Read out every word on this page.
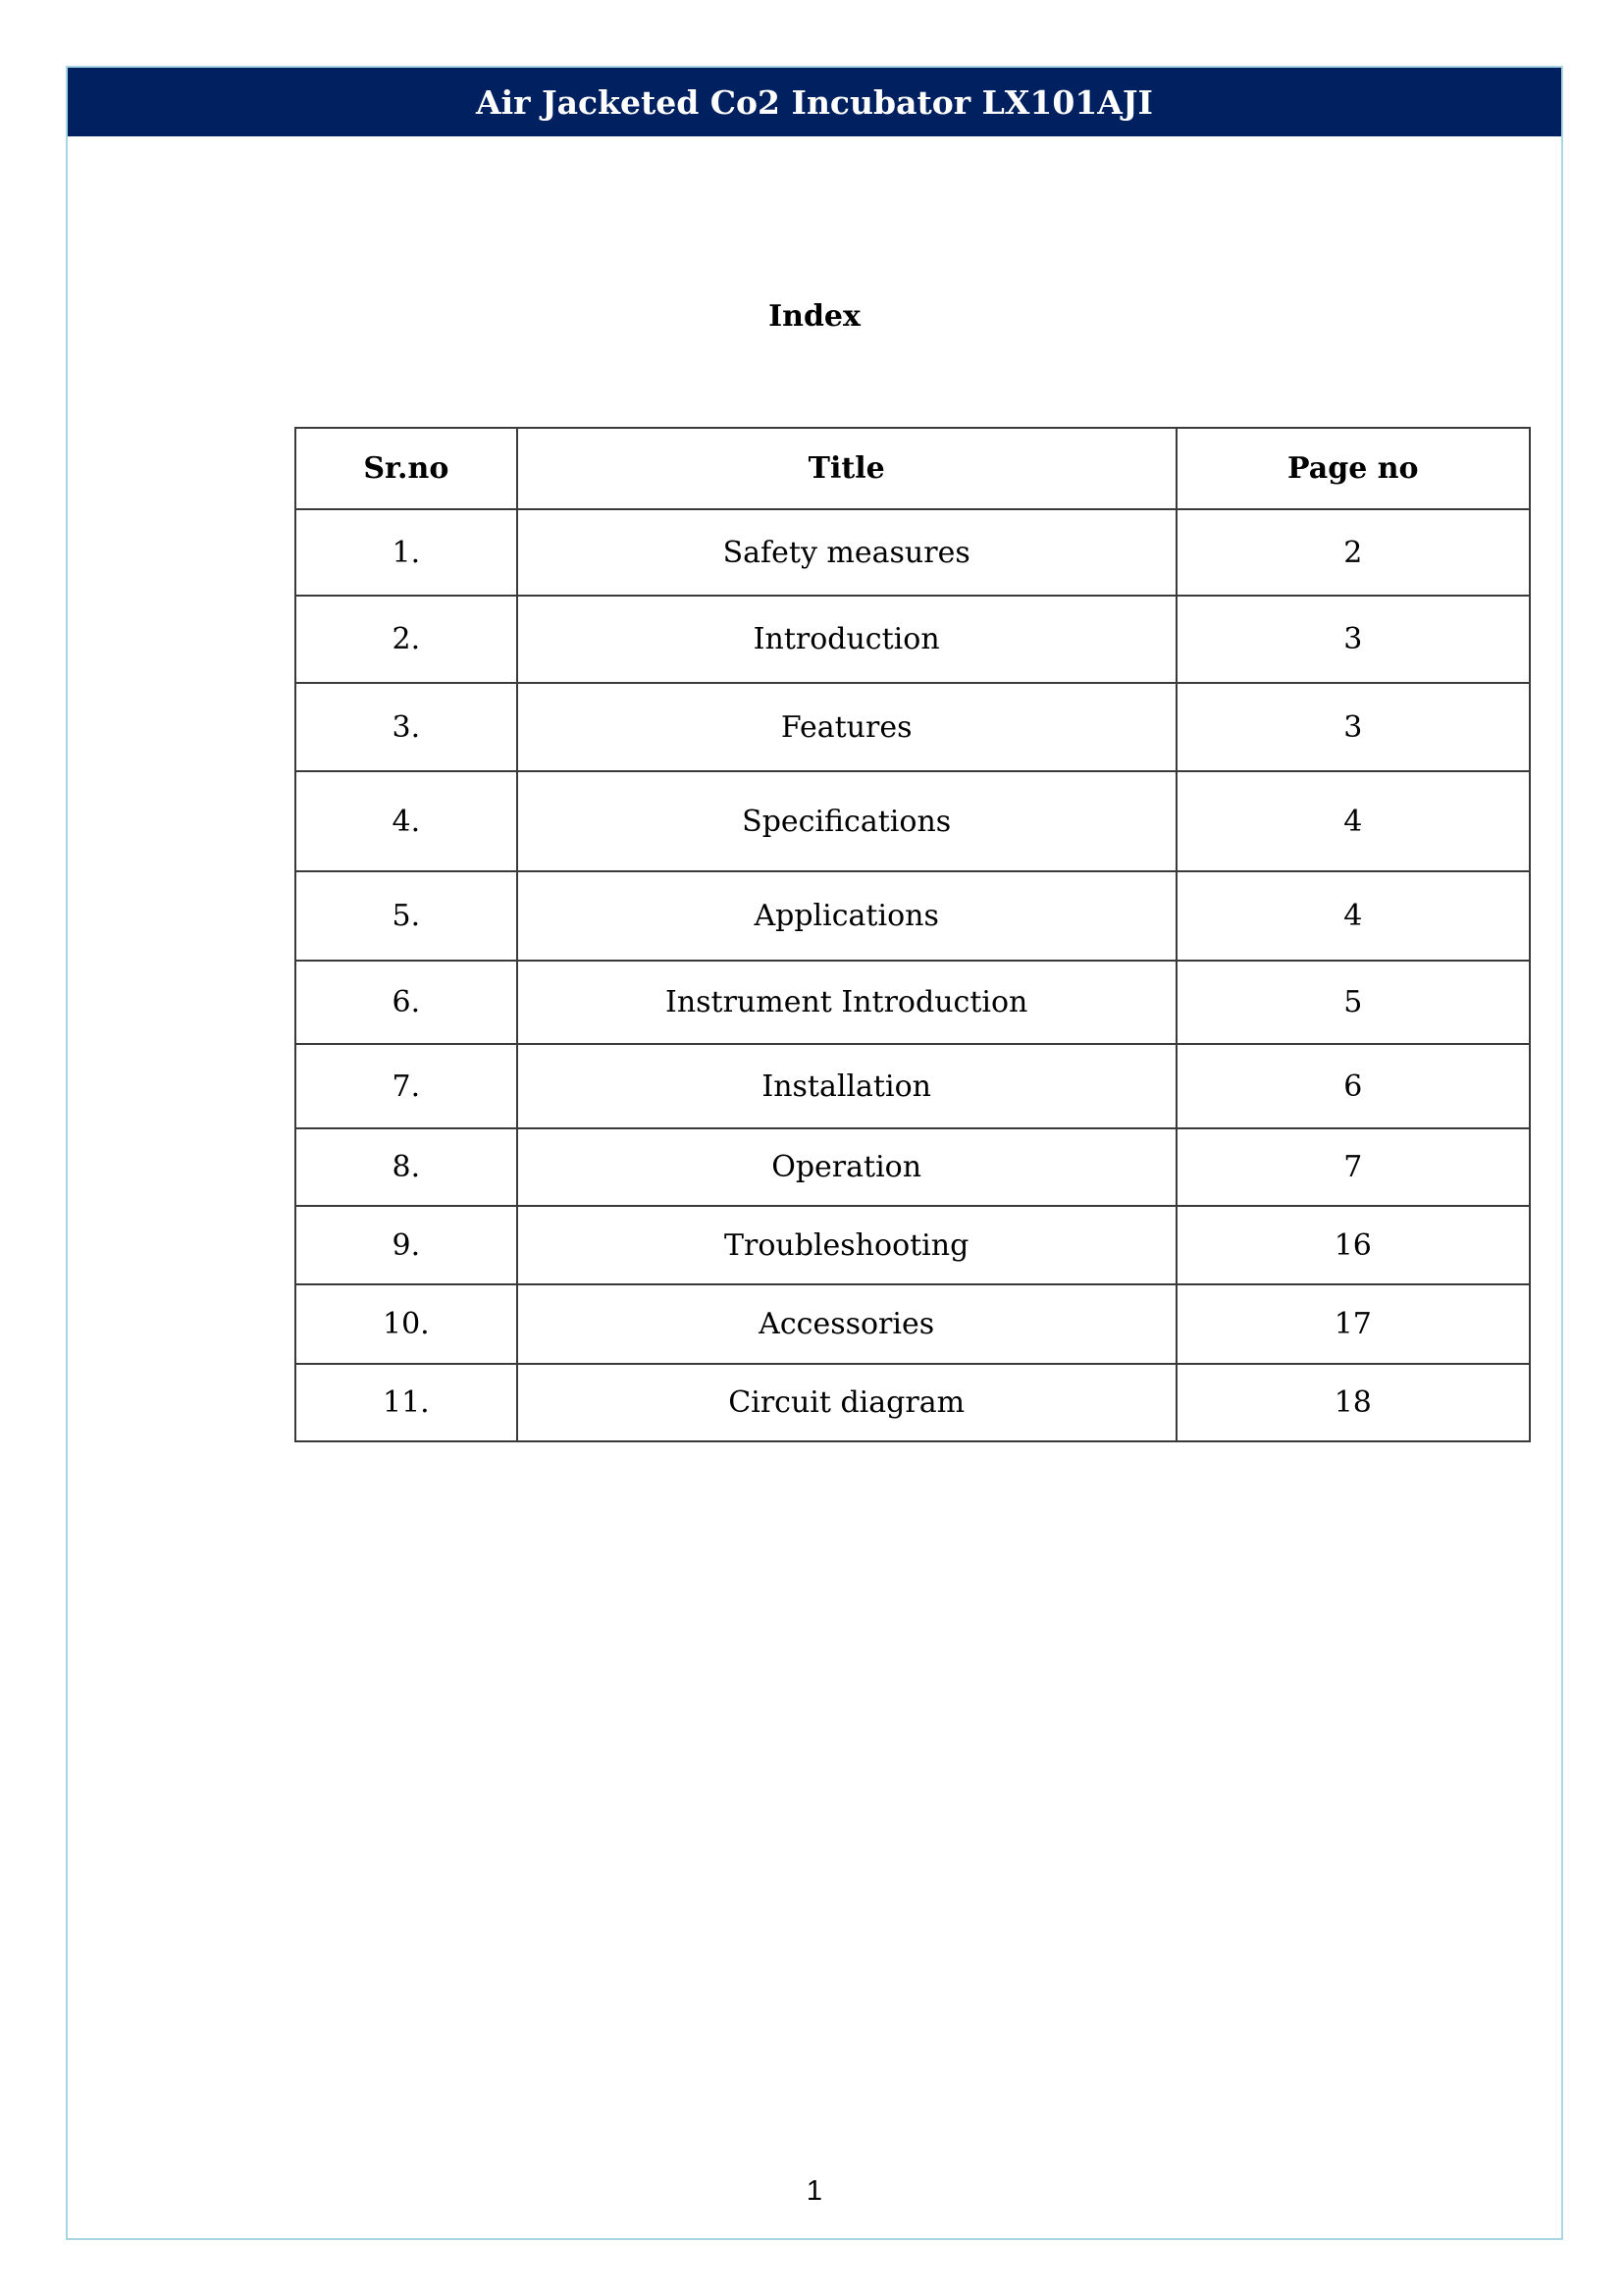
Air Jacketed Co2 Incubator LX101AJI
Index
Sr.no	Title	Page no
1.	Safety measures	2
2.	Introduction	3
3.	Features	3
4.	Specifications	4
5.	Applications	4
6.	Instrument Introduction	5
7.	Installation	6
8.	Operation	7
9.	Troubleshooting	16
10.	Accessories	17
11.	Circuit diagram	18
1
